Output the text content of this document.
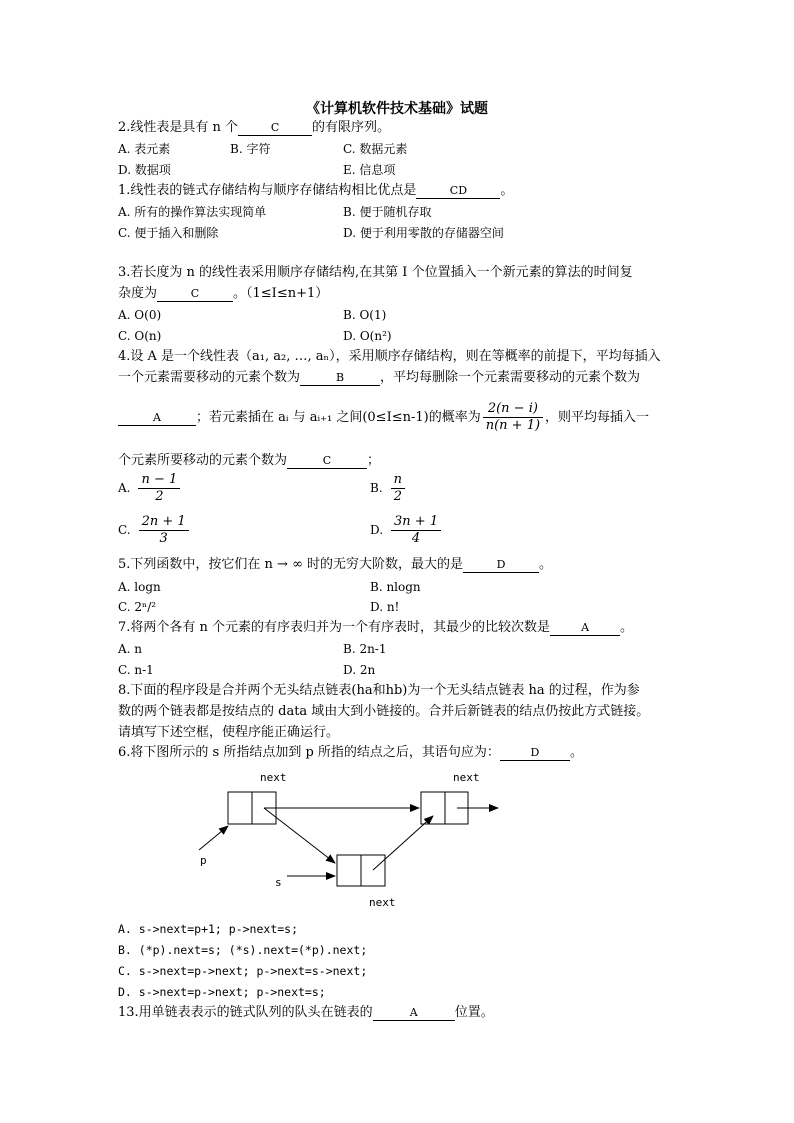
《计算机软件技术基础》试题
2.线性表是具有 n 个	C	的有限序列。
A. 表元素	B. 字符	C. 数据元素
D. 数据项	E. 信息项
1.线性表的链式存储结构与顺序存储结构相比优点是	CD	。
A. 所有的操作算法实现简单	B. 便于随机存取
C. 便于插入和删除	D. 便于利用零散的存储器空间
3.若长度为 n 的线性表采用顺序存储结构,在其第 I 个位置插入一个新元素的算法的时间复
杂度为	C	。（1≤I≤n+1）
A. O(0)	B. O(1)
C. O(n)	D. O(n²)
4.设 A 是一个线性表（a₁, a₂, …, aₙ），采用顺序存储结构，则在等概率的前提下，平均每插入
一个元素需要移动的元素个数为	B	，平均每删除一个元素需要移动的元素个数为
A	；若元素插在 aᵢ 与 aᵢ₊₁ 之间(0≤I≤n-1)的概率为 $\frac{2(n - i)}{n(n + 1)}$ ，则平均每插入一
个元素所要移动的元素个数为	C	；
A. $\frac{n - 1}{2}$	B. $\frac{n}{2}$
C. $\frac{2n + 1}{3}$	D. $\frac{3n + 1}{4}$
5.下列函数中，按它们在 n → ∞ 时的无穷大阶数，最大的是	D	。
A. logn	B. nlogn
C. 2ⁿ/²	D. n!
7.将两个各有 n 个元素的有序表归并为一个有序表时，其最少的比较次数是	A 。
A. n	B. 2n-1
C. n-1	D. 2n
8.下面的程序段是合并两个无头结点链表(ha和hb)为一个无头结点链表 ha 的过程，作为参
数的两个链表都是按结点的 data 域由大到小链接的。合并后新链表的结点仍按此方式链接。
请填写下述空框，使程序能正确运行。
6.将下图所示的 s 所指结点加到 p 所指的结点之后，其语句应为：	D 。
next	next
next
p
s
A. s->next=p+1; p->next=s;
B. (*p).next=s; (*s).next=(*p).next;
C. s->next=p->next; p->next=s->next;
D. s->next=p->next; p->next=s;
13.用单链表表示的链式队列的队头在链表的	A	位置。
